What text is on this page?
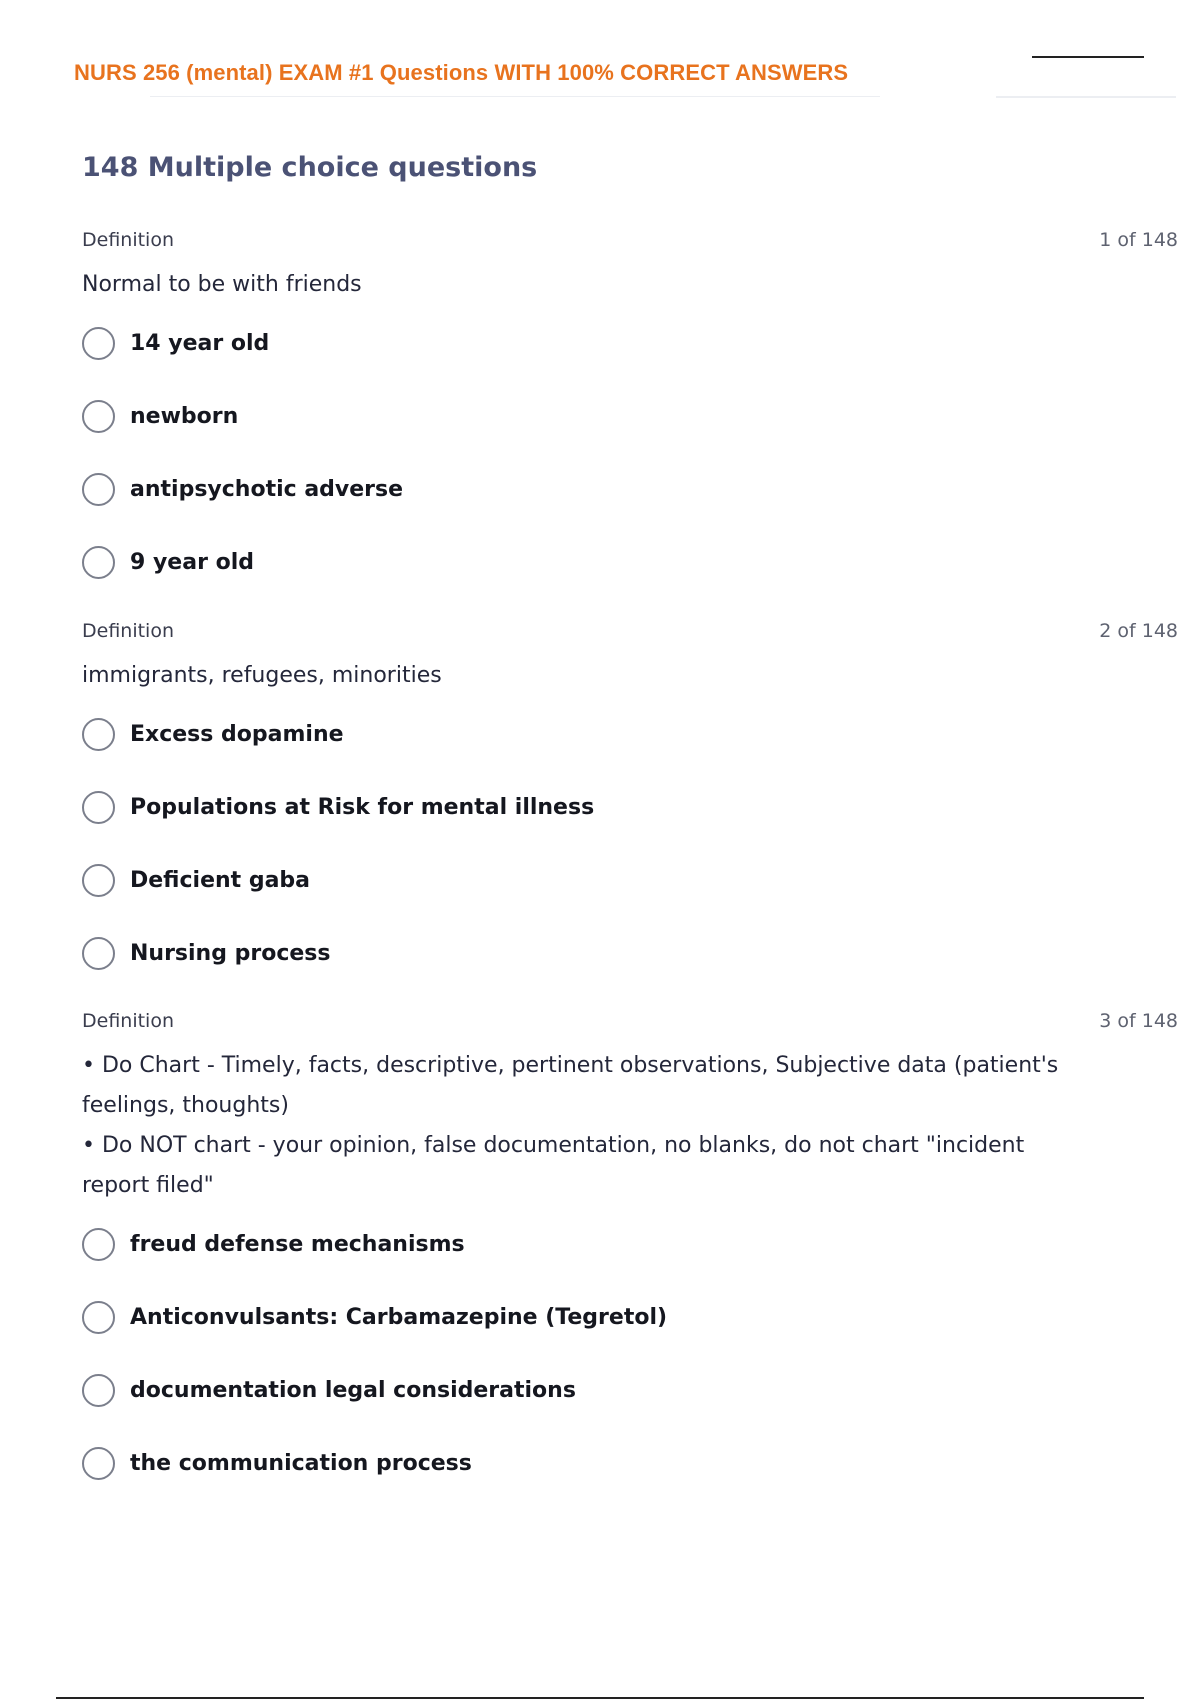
NURS 256 (mental) EXAM #1 Questions WITH 100% CORRECT ANSWERS
148 Multiple choice questions
Definition	1 of 148
Normal to be with friends
14 year old
newborn
antipsychotic adverse
9 year old
Definition	2 of 148
immigrants, refugees, minorities
Excess dopamine
Populations at Risk for mental illness
Deficient gaba
Nursing process
Definition	3 of 148
• Do Chart - Timely, facts, descriptive, pertinent observations, Subjective data (patient's
feelings, thoughts)
• Do NOT chart - your opinion, false documentation, no blanks, do not chart "incident
report filed"
freud defense mechanisms
Anticonvulsants: Carbamazepine (Tegretol)
documentation legal considerations
the communication process
